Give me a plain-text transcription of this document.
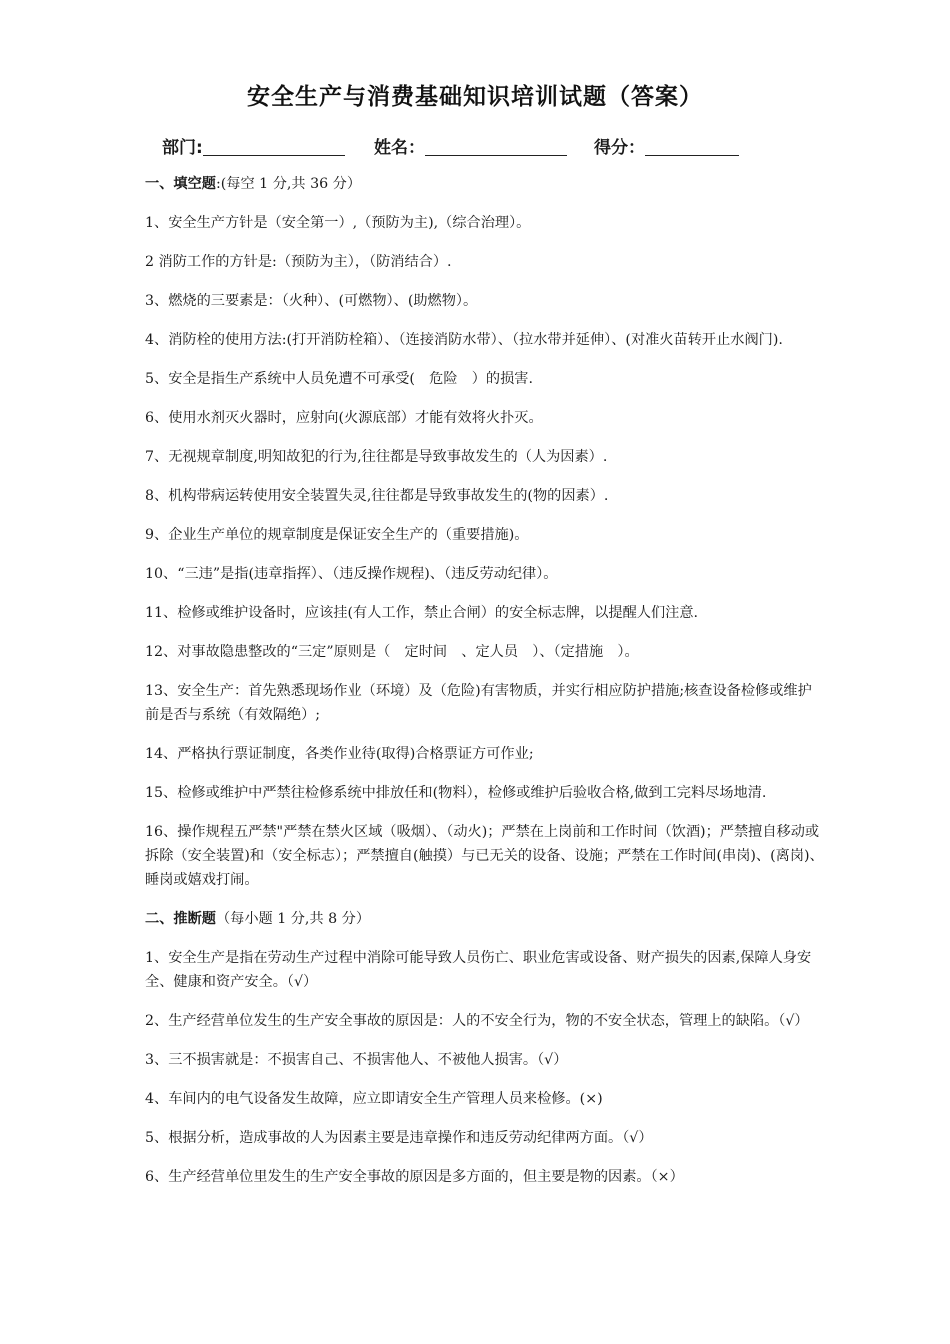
安全生产与消费基础知识培训试题（答案）
部门:	姓名：	得分：
一、填空题:(每空 1 分,共 36 分）

1、安全生产方针是（安全第一）,（预防为主),（综合治理）。

2 消防工作的方针是:（预防为主），（防消结合）.

3、燃烧的三要素是：（火种）、(可燃物）、(助燃物）。

4、消防栓的使用方法:(打开消防栓箱）、（连接消防水带）、（拉水带并延伸）、(对准火苗转开止水阀门).

5、安全是指生产系统中人员免遭不可承受(　危险　）的损害.

6、使用水剂灭火器时，应射向(火源底部）才能有效将火扑灭。

7、无视规章制度,明知故犯的行为,往往都是导致事故发生的（人为因素）.

8、机构带病运转使用安全装置失灵,往往都是导致事故发生的(物的因素）.

9、企业生产单位的规章制度是保证安全生产的（重要措施)。

10、“三违”是指(违章指挥）、（违反操作规程)、（违反劳动纪律）。

11、检修或维护设备时，应该挂(有人工作，禁止合闸）的安全标志牌，以提醒人们注意.

12、对事故隐患整改的“三定”原则是（　定时间　、定人员　）、（定措施　）。

13、安全生产：首先熟悉现场作业（环境）及（危险)有害物质，并实行相应防护措施;核查设备检修或维护前是否与系统（有效隔绝）;

14、严格执行票证制度，各类作业待(取得)合格票证方可作业;

15、检修或维护中严禁往检修系统中排放任和(物料），检修或维护后验收合格,做到工完料尽场地清.

16、操作规程五严禁"严禁在禁火区域（吸烟）、（动火)；严禁在上岗前和工作时间（饮酒)；严禁擅自移动或拆除（安全装置)和（安全标志）；严禁擅自(触摸）与已无关的设备、设施；严禁在工作时间(串岗)、(离岗)、睡岗或嬉戏打闹。

二、推断题（每小题 1 分,共 8 分）

1、安全生产是指在劳动生产过程中消除可能导致人员伤亡、职业危害或设备、财产损失的因素,保障人身安全、健康和资产安全。（√）

2、生产经营单位发生的生产安全事故的原因是：人的不安全行为，物的不安全状态，管理上的缺陷。（√）

3、三不损害就是：不损害自己、不损害他人、不被他人损害。（√）

4、车间内的电气设备发生故障，应立即请安全生产管理人员来检修。(×)

5、根据分析，造成事故的人为因素主要是违章操作和违反劳动纪律两方面。（√）

6、生产经营单位里发生的生产安全事故的原因是多方面的，但主要是物的因素。（×）
